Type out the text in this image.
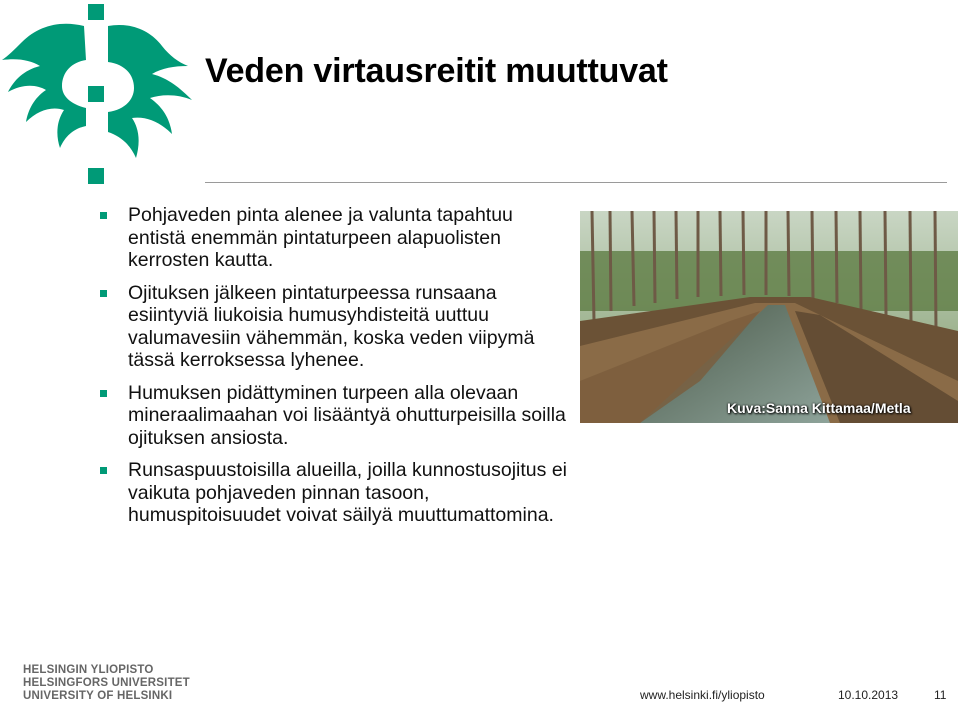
Veden virtausreitit muuttuvat
Pohjaveden pinta alenee ja valunta tapahtuu entistä enemmän pintaturpeen alapuolisten kerrosten kautta.
Ojituksen jälkeen pintaturpeessa runsaana esiintyviä liukoisia humusyhdisteitä uuttuu valumavesiin vähemmän, koska veden viipymä tässä kerroksessa lyhenee.
Humuksen pidättyminen turpeen alla olevaan mineraalimaahan voi lisääntyä ohutturpeisilla soilla ojituksen ansiosta.
Runsaspuustoisilla alueilla, joilla kunnostusojitus ei vaikuta pohjaveden pinnan tasoon, humuspitoisuudet voivat säilyä muuttumattomina.
Kuva:Sanna Kittamaa/Metla
HELSINGIN YLIOPISTO
HELSINGFORS UNIVERSITET
UNIVERSITY OF HELSINKI	www.helsinki.fi/yliopisto	10.10.2013	11
